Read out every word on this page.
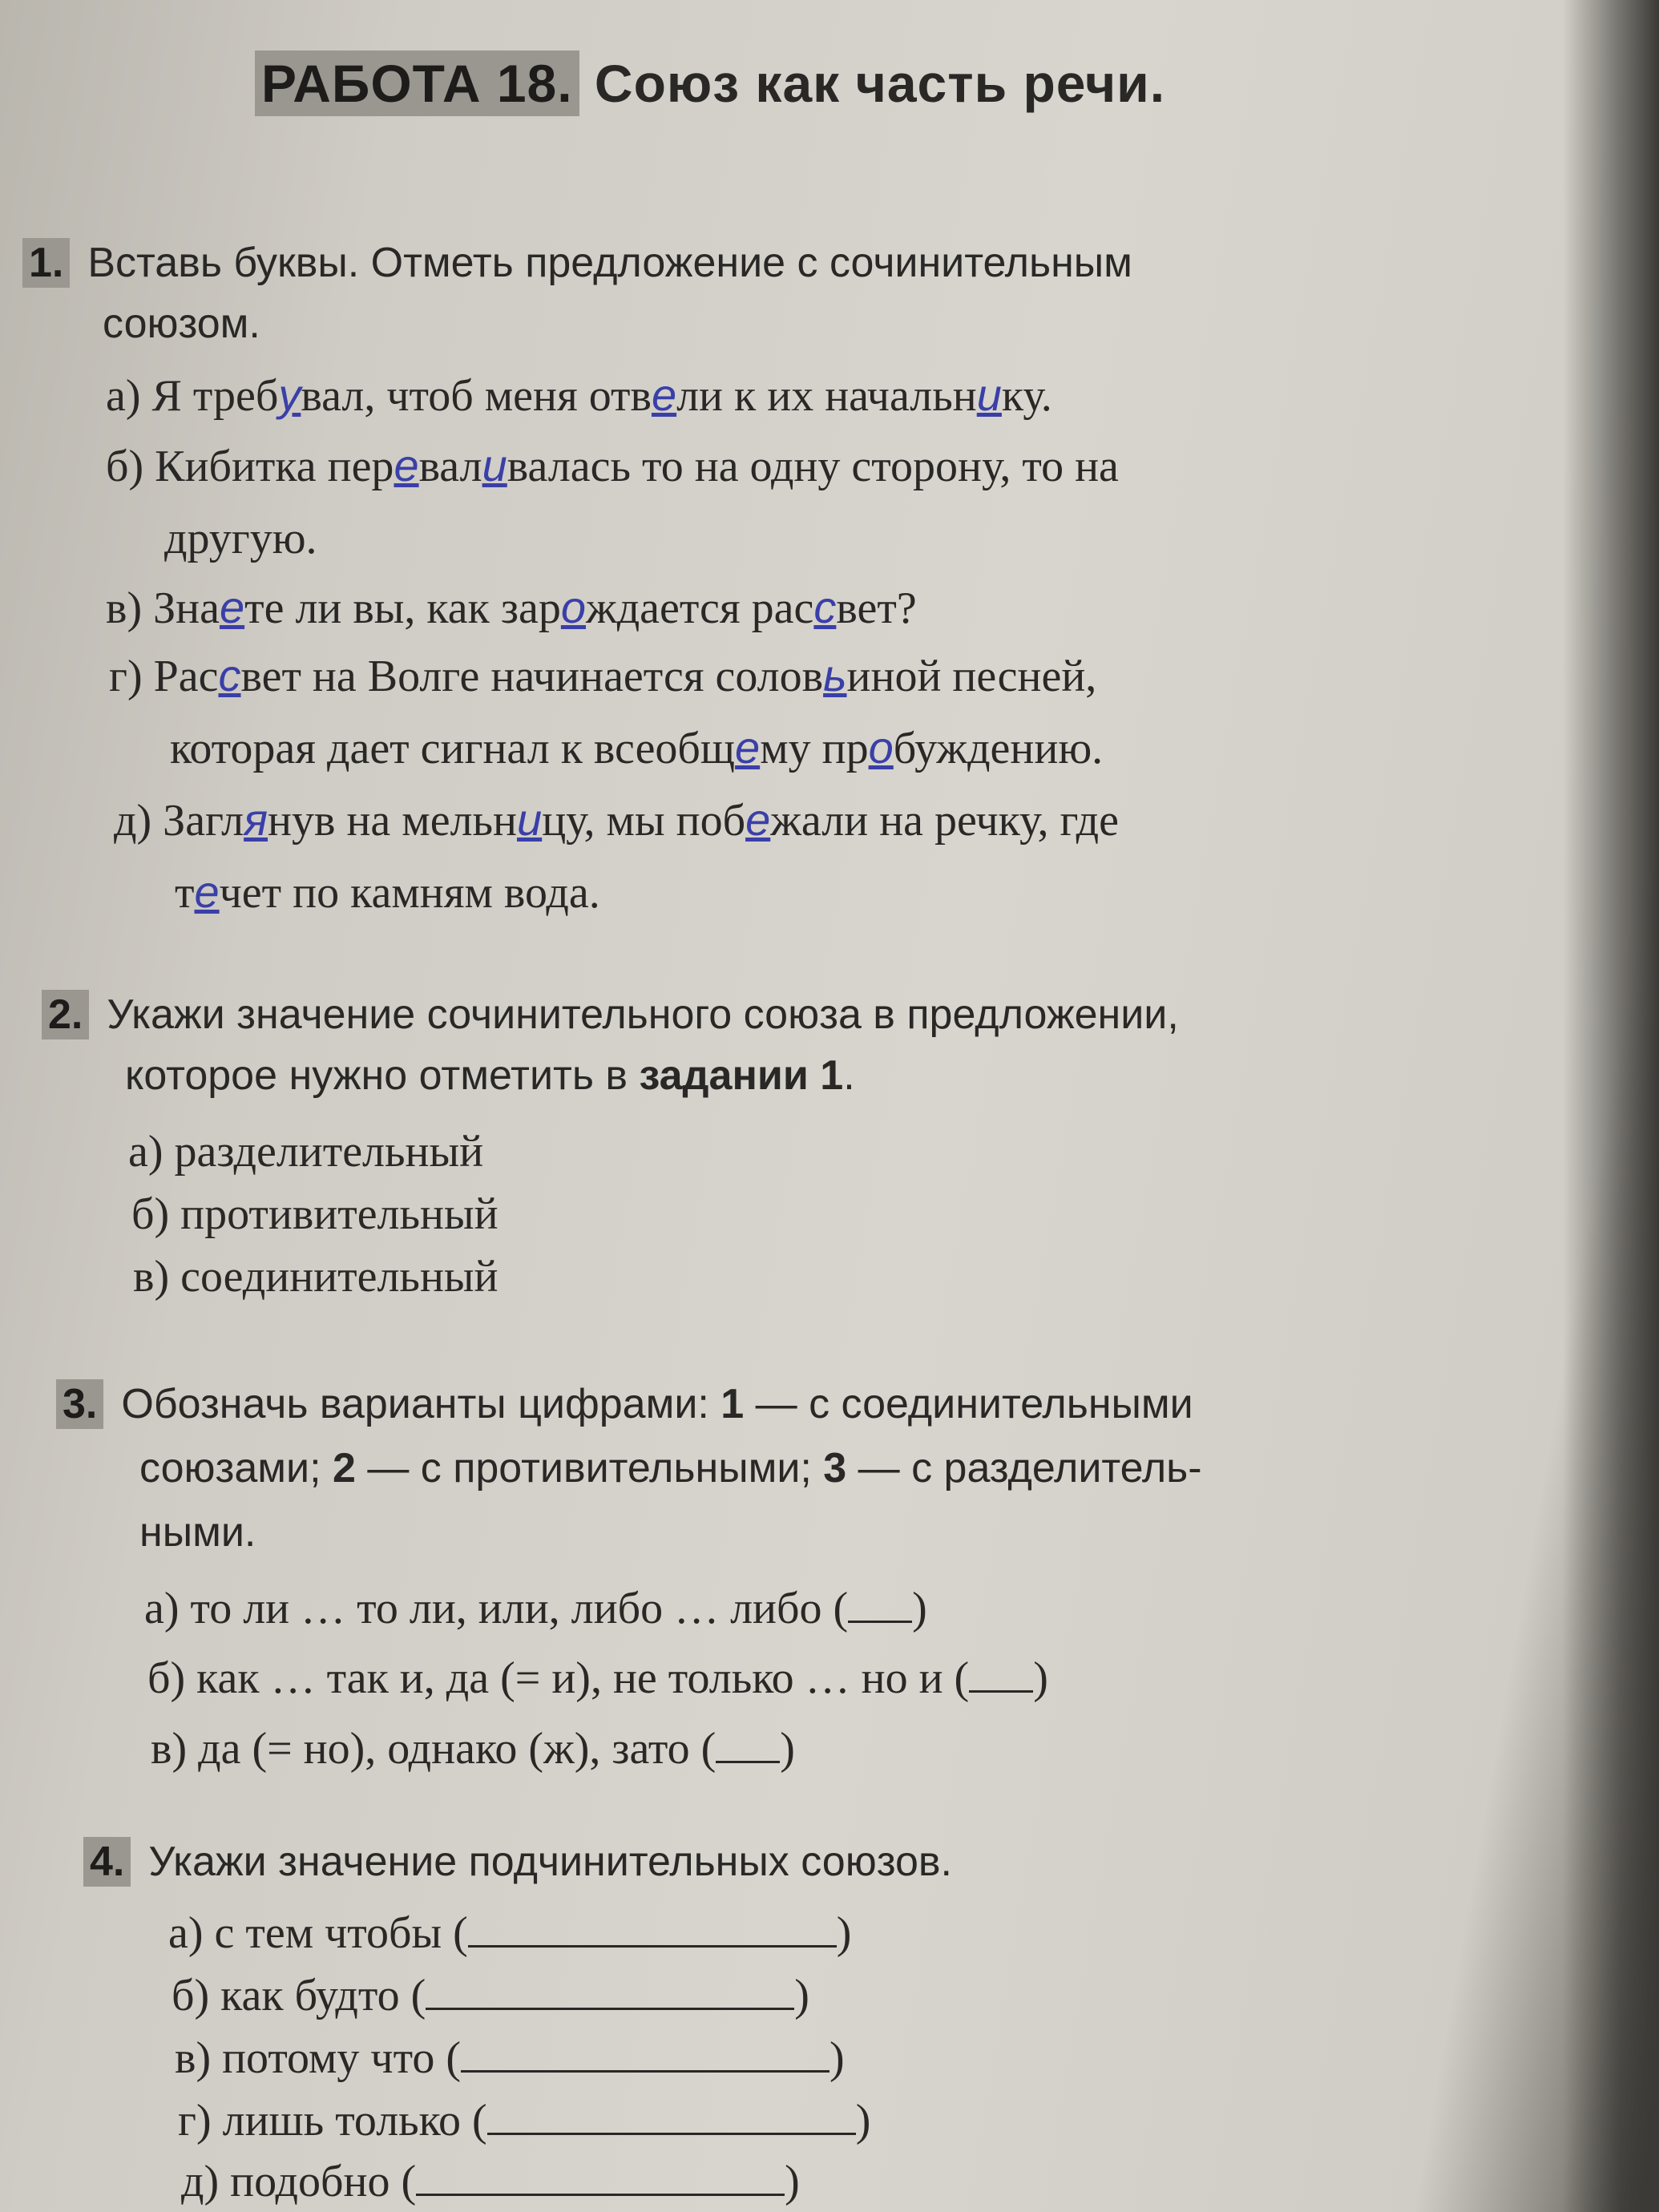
РАБОТА 18. Союз как часть речи.
1. Вставь буквы. Отметь предложение с сочинительным
союзом.
а) Я требувал, чтоб меня отвели к их начальнику.
б) Кибитка переваливалась то на одну сторону, то на
другую.
в) Знаете ли вы, как зарождается рассвет?
г) Рассвет на Волге начинается соловьиной песней,
которая дает сигнал к всеобщему пробуждению.
д) Заглянув на мельницу, мы побежали на речку, где
течет по камням вода.
2. Укажи значение сочинительного союза в предложении,
которое нужно отметить в задании 1.
а) разделительный
б) противительный
в) соединительный
3. Обозначь варианты цифрами: 1 — с соединительными
союзами; 2 — с противительными; 3 — с разделитель-
ными.
а) то ли … то ли, или, либо … либо ( )
б) как … так и, да (= и), не только … но и ( )
в) да (= но), однако (ж), зато ( )
4. Укажи значение подчинительных союзов.
а) с тем чтобы (	)
б) как будто (	)
в) потому что (	)
г) лишь только (	)
д) подобно (	)
